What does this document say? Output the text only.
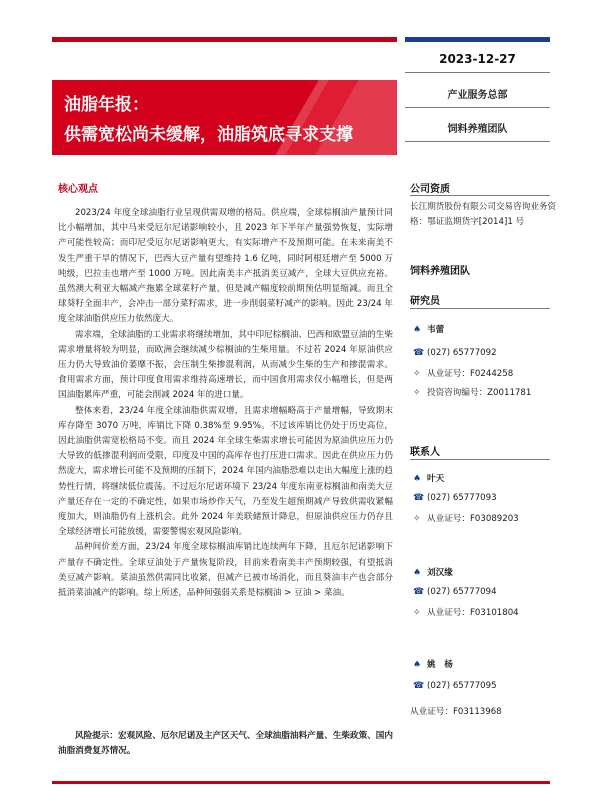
油脂年报：
供需宽松尚未缓解，油脂筑底寻求支撑
2023-12-27
产业服务总部
饲料养殖团队
核心观点

2023/24 年度全球油脂行业呈现供需双增的格局。供应端，全球棕榈油产量预计同比小幅增加，其中马来受厄尔尼诺影响较小，且 2023 年下半年产量强势恢复，实际增产可能性较高；而印尼受厄尔尼诺影响更大，有实际增产不及预期可能。在未来南美不发生严重干旱的情况下，巴西大豆产量有望维持 1.6 亿吨，同时阿根廷增产至 5000 万吨级，巴拉圭也增产至 1000 万吨。因此南美丰产抵消美豆减产，全球大豆供应充裕。虽然澳大利亚大幅减产拖累全球菜籽产量，但是减产幅度较前期预估明显缩减。而且全球葵籽全面丰产，会冲击一部分菜籽需求，进一步削弱菜籽减产的影响。因此 23/24 年度全球油脂供应压力依然庞大。

需求端，全球油脂的工业需求将继续增加，其中印尼棕榈油、巴西和欧盟豆油的生柴需求增量将较为明显，而欧洲会继续减少棕榈油的生柴用量。不过若 2024 年原油供应压力仍大导致油价萎靡不振，会压制生柴掺混利润，从而减少生柴的生产和掺混需求。食用需求方面，预计印度食用需求维持高速增长，而中国食用需求仅小幅增长，但是两国油脂累库严重，可能会削减 2024 年的进口量。

整体来看，23/24 年度全球油脂供需双增，且需求增幅略高于产量增幅，导致期末库存降至 3070 万吨，库销比下降 0.38%至 9.95%。不过该库销比仍处于历史高位，因此油脂供需宽松格局不变。而且 2024 年全球生柴需求增长可能因为原油供应压力仍大导致的低掺混利润而受限，印度及中国的高库存也打压进口需求。因此在供应压力仍然庞大，需求增长可能不及预期的压制下，2024 年国内油脂恐难以走出大幅度上涨的趋势性行情，将继续低位震荡。不过厄尔尼诺环境下 23/24 年度东南亚棕榈油和南美大豆产量还存在一定的不确定性，如果市场炒作天气，乃至发生超预期减产导致供需收紧幅度加大，则油脂仍有上涨机会。此外 2024 年美联储预计降息，但原油供应压力仍存且全球经济增长可能放缓，需要警惕宏观风险影响。

品种间价差方面，23/24 年度全球棕榈油库销比连续两年下降，且厄尔尼诺影响下产量存不确定性。全球豆油处于产量恢复阶段，目前来看南美丰产预期较强，有望抵消美豆减产影响。菜油虽然供需同比收紧，但减产已被市场消化，而且葵油丰产也会部分抵消菜油减产的影响。综上所述，品种间强弱关系是棕榈油 > 豆油 > 菜油。

风险提示：宏观风险、厄尔尼诺及主产区天气、全球油脂油料产量、生柴政策、国内油脂消费复苏情况。
公司资质
长江期货股份有限公司交易咨询业务资格：鄂证监期货字[2014]1 号
饲料养殖团队
研究员
♠ 韦蕾
☎ (027) 65777092
✧ 从业证号：F0244258
✧ 投资咨询编号：Z0011781
联系人
♠ 叶天
☎ (027) 65777093
✧ 从业证号：F03089203
♠ 刘汉缘
☎ (027) 65777094
✧ 从业证号：F03101804
♠ 姚　杨
☎ (027) 65777095
从业证号：F03113968
